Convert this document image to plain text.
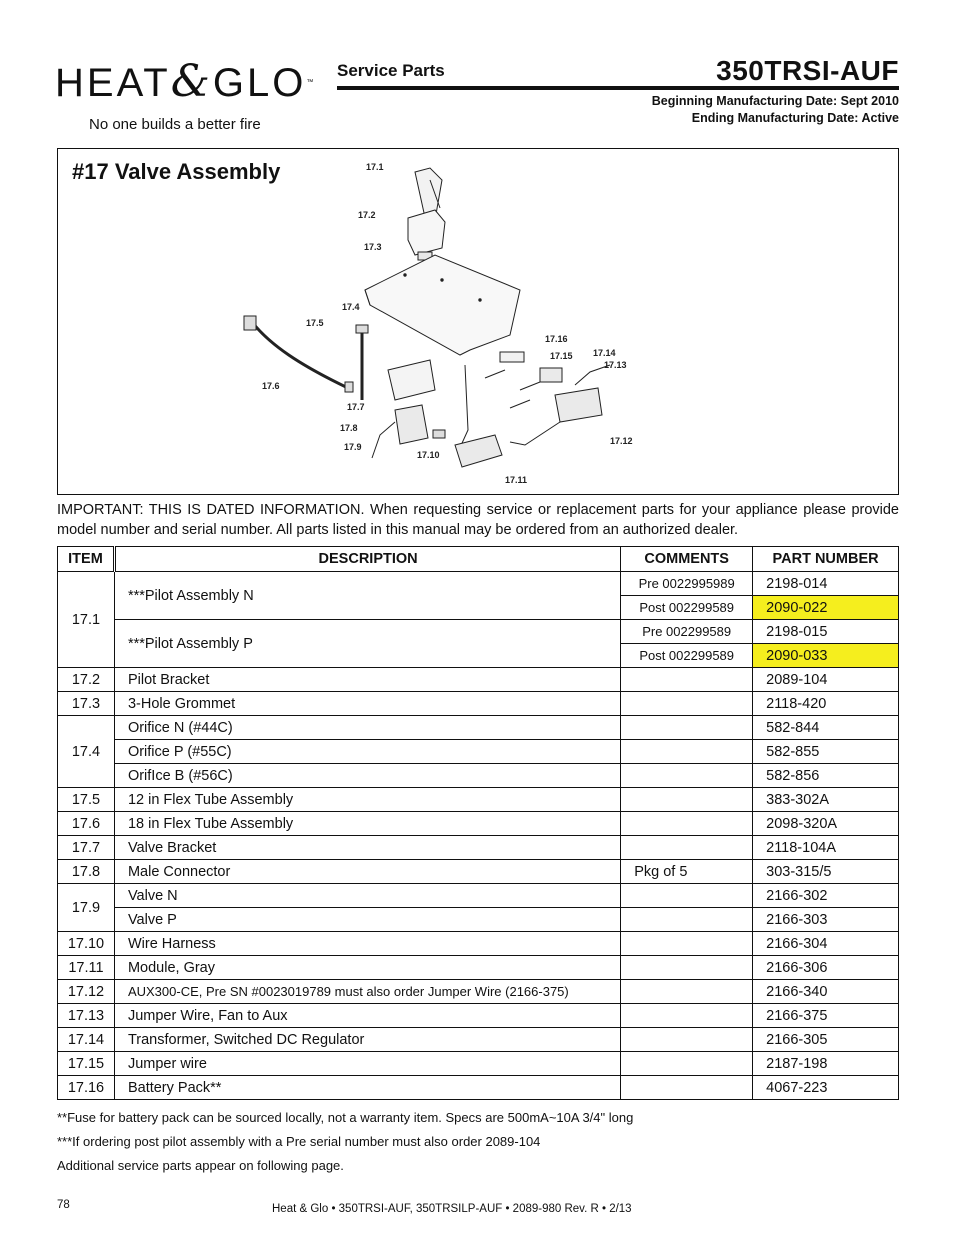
HEAT&GLO™
No one builds a better fire
Service Parts	350TRSI-AUF
Beginning Manufacturing Date: Sept 2010
Ending Manufacturing Date: Active
#17 Valve Assembly	17.1
17.2
17.3
17.4
17.5
17.6
17.7
17.8
17.9
17.10
17.11
17.12
17.13
17.14
17.15
17.16
IMPORTANT: THIS IS DATED INFORMATION. When requesting service or replacement parts for your appliance please provide model number and serial number. All parts listed in this manual may be ordered from an authorized dealer.
ITEM	DESCRIPTION	COMMENTS	PART NUMBER
17.1	***Pilot Assembly N	Pre 0022995989	2198-014
		Post 002299589	2090-022
	***Pilot Assembly P	Pre 002299589	2198-015
		Post 002299589	2090-033
17.2	Pilot Bracket		2089-104
17.3	3-Hole Grommet		2118-420
17.4	Orifice N (#44C)		582-844
	Orifice P (#55C)		582-855
	OrifIce B (#56C)		582-856
17.5	12 in Flex Tube Assembly		383-302A
17.6	18 in Flex Tube Assembly		2098-320A
17.7	Valve Bracket		2118-104A
17.8	Male Connector	Pkg of 5	303-315/5
17.9	Valve N		2166-302
	Valve P		2166-303
17.10	Wire Harness		2166-304
17.11	Module, Gray		2166-306
17.12	AUX300-CE, Pre SN #0023019789 must also order Jumper Wire (2166-375)		2166-340
17.13	Jumper Wire, Fan to Aux		2166-375
17.14	Transformer, Switched DC Regulator		2166-305
17.15	Jumper wire		2187-198
17.16	Battery Pack**		4067-223
**Fuse for battery pack can be sourced locally, not a warranty item. Specs are 500mA~10A 3/4" long
***If ordering post pilot assembly with a Pre serial number must also order 2089-104
Additional service parts appear on following page.
78	Heat & Glo • 350TRSI-AUF, 350TRSILP-AUF • 2089-980 Rev. R • 2/13
